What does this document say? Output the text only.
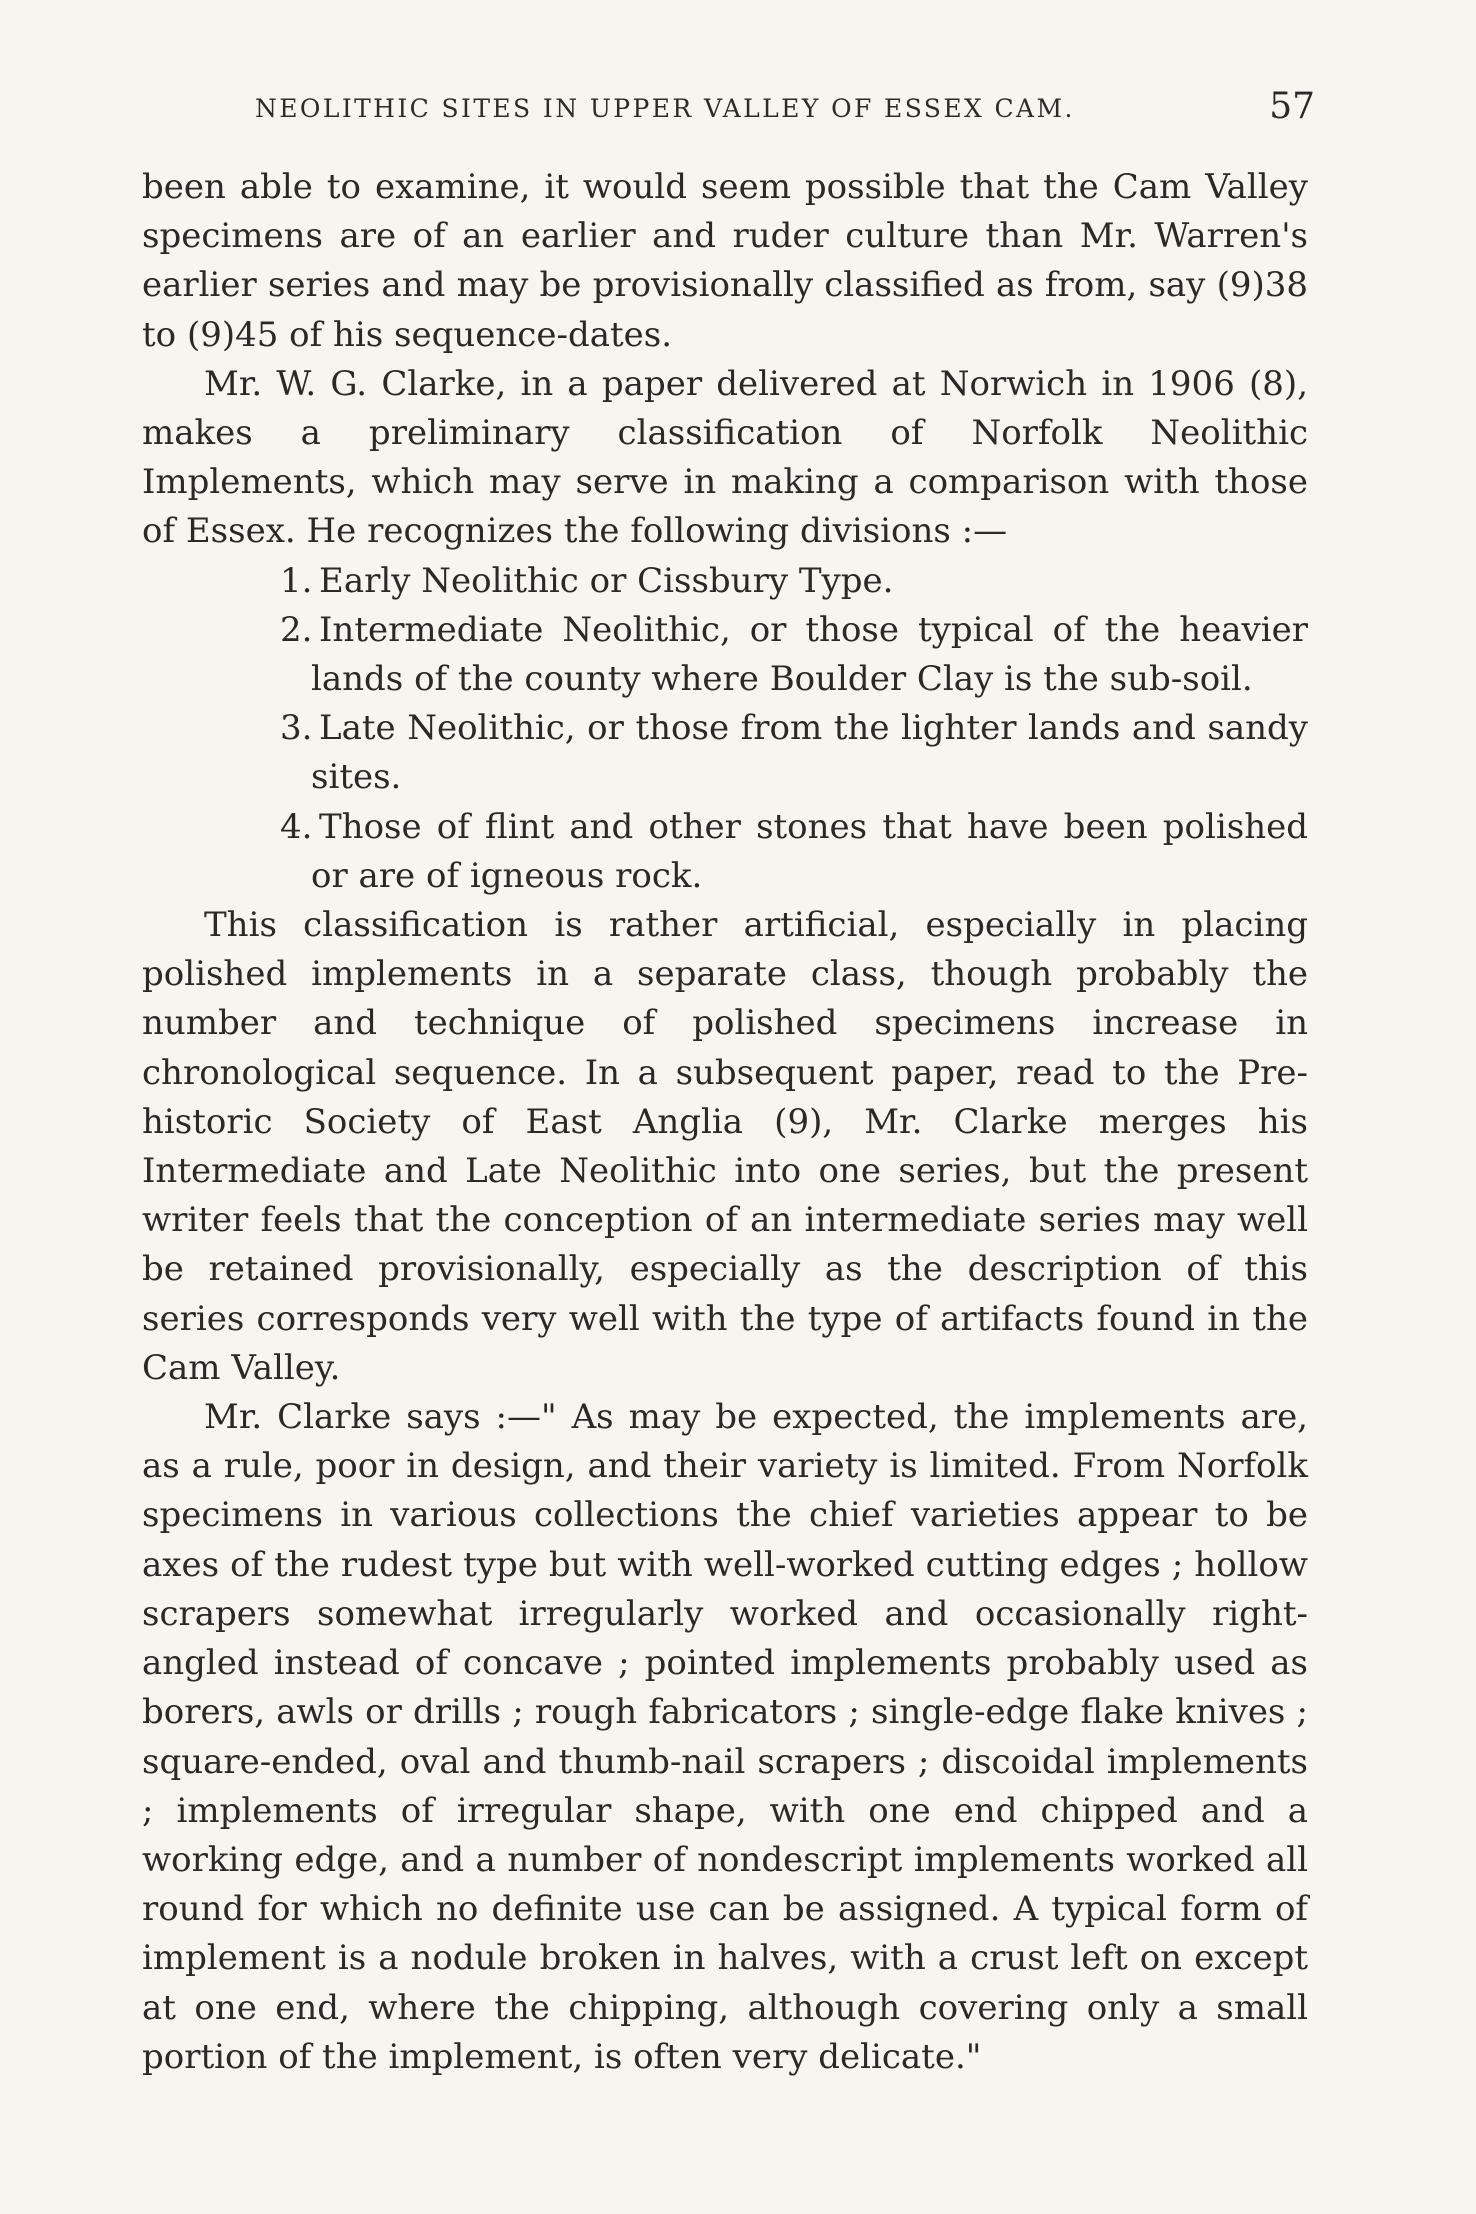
NEOLITHIC SITES IN UPPER VALLEY OF ESSEX CAM.	57

been able to examine, it would seem possible that the Cam Valley specimens are of an earlier and ruder culture than Mr. Warren's earlier series and may be provisionally classified as from, say (9)38 to (9)45 of his sequence-dates.

Mr. W. G. Clarke, in a paper delivered at Norwich in 1906 (8), makes a preliminary classification of Norfolk Neolithic Implements, which may serve in making a comparison with those of Essex. He recognizes the following divisions :—

1. Early Neolithic or Cissbury Type.
2. Intermediate Neolithic, or those typical of the heavier lands of the county where Boulder Clay is the sub-soil.
3. Late Neolithic, or those from the lighter lands and sandy sites.
4. Those of flint and other stones that have been polished or are of igneous rock.

This classification is rather artificial, especially in placing polished implements in a separate class, though probably the number and technique of polished specimens increase in chronological sequence. In a subsequent paper, read to the Pre-historic Society of East Anglia (9), Mr. Clarke merges his Intermediate and Late Neolithic into one series, but the present writer feels that the conception of an intermediate series may well be retained provisionally, especially as the description of this series corresponds very well with the type of artifacts found in the Cam Valley.

Mr. Clarke says :—" As may be expected, the implements are, as a rule, poor in design, and their variety is limited. From Norfolk specimens in various collections the chief varieties appear to be axes of the rudest type but with well-worked cutting edges ; hollow scrapers somewhat irregularly worked and occasionally right-angled instead of concave ; pointed implements probably used as borers, awls or drills ; rough fabricators ; single-edge flake knives ; square-ended, oval and thumb-nail scrapers ; discoidal implements ; implements of irregular shape, with one end chipped and a working edge, and a number of nondescript implements worked all round for which no definite use can be assigned. A typical form of implement is a nodule broken in halves, with a crust left on except at one end, where the chipping, although covering only a small portion of the implement, is often very delicate."
